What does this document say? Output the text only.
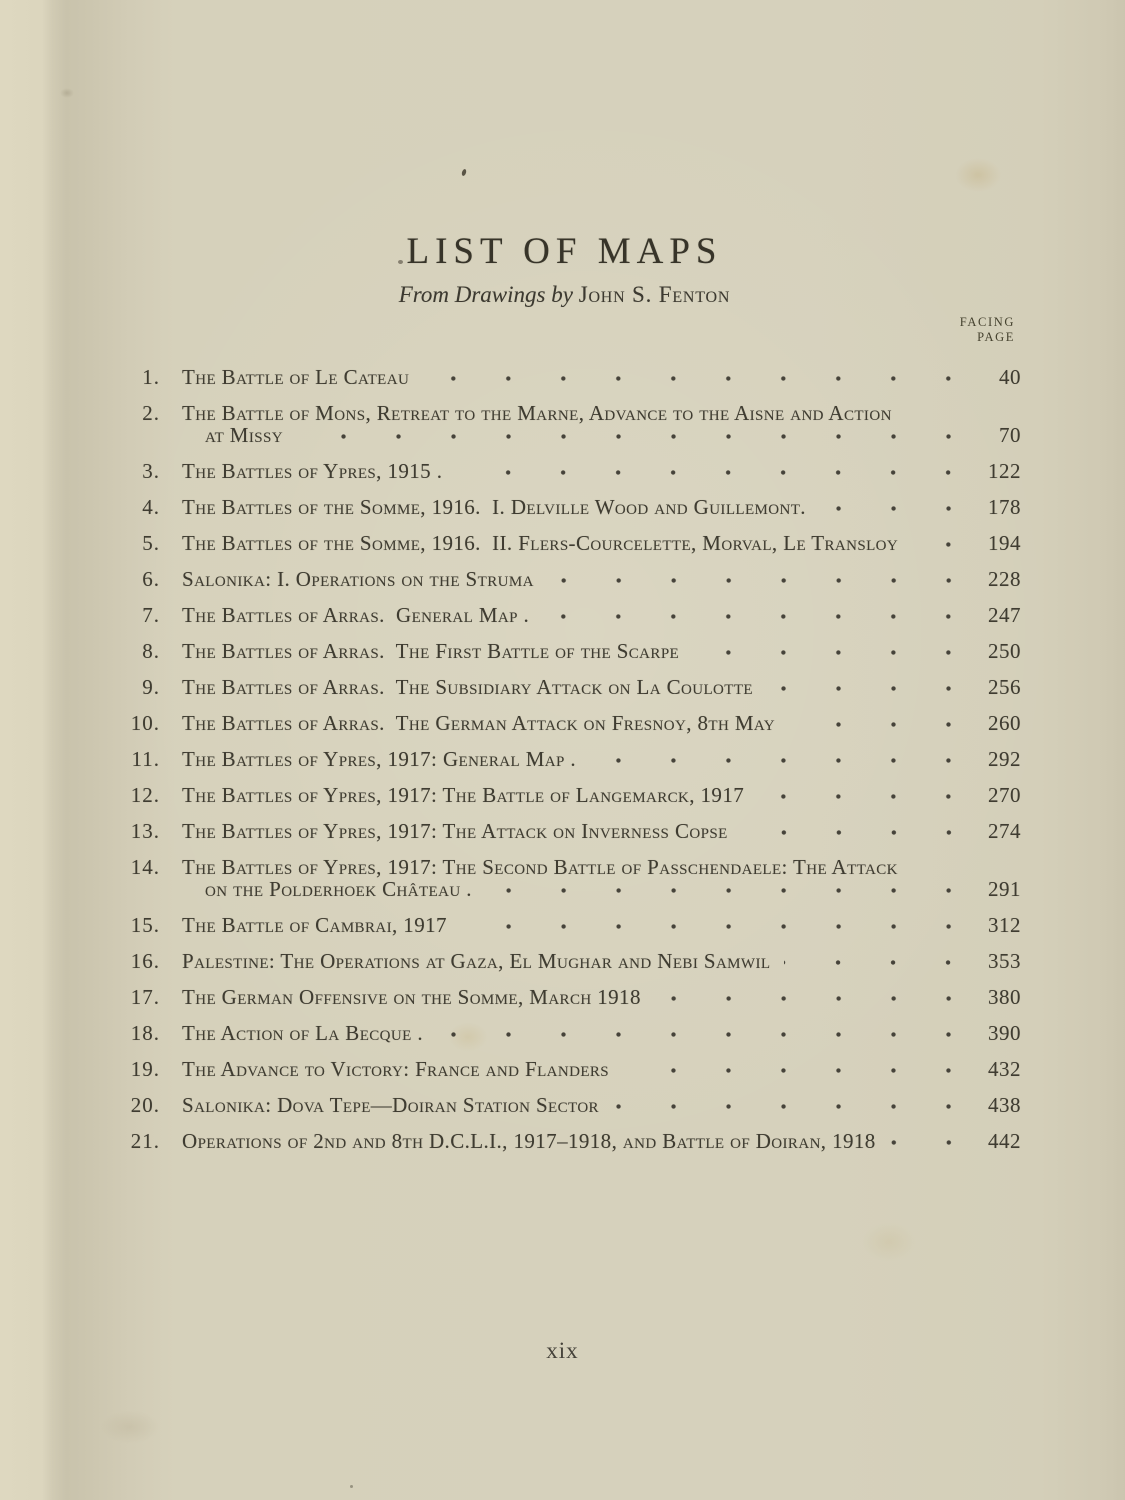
LIST OF MAPS
From Drawings by John S. Fenton
FACING
PAGE
1. The Battle of Le Cateau	40
2. The Battle of Mons, Retreat to the Marne, Advance to the Aisne and Action
at Missy	70
3. The Battles of Ypres, 1915 .	122
4. The Battles of the Somme, 1916.  I. Delville Wood and Guillemont.	178
5. The Battles of the Somme, 1916.  II. Flers-Courcelette, Morval, Le Transloy	194
6. Salonika: I. Operations on the Struma	228
7. The Battles of Arras.  General Map .	247
8. The Battles of Arras.  The First Battle of the Scarpe	250
9. The Battles of Arras.  The Subsidiary Attack on La Coulotte	256
10. The Battles of Arras.  The German Attack on Fresnoy, 8th May	260
11. The Battles of Ypres, 1917: General Map .	292
12. The Battles of Ypres, 1917: The Battle of Langemarck, 1917	270
13. The Battles of Ypres, 1917: The Attack on Inverness Copse	274
14. The Battles of Ypres, 1917: The Second Battle of Passchendaele: The Attack
on the Polderhoek Château .	291
15. The Battle of Cambrai, 1917	312
16. Palestine: The Operations at Gaza, El Mughar and Nebi Samwil	353
17. The German Offensive on the Somme, March 1918	380
18. The Action of La Becque .	390
19. The Advance to Victory: France and Flanders	432
20. Salonika: Dova Tepe—Doiran Station Sector	438
21. Operations of 2nd and 8th D.C.L.I., 1917–1918, and Battle of Doiran, 1918	442
xix
